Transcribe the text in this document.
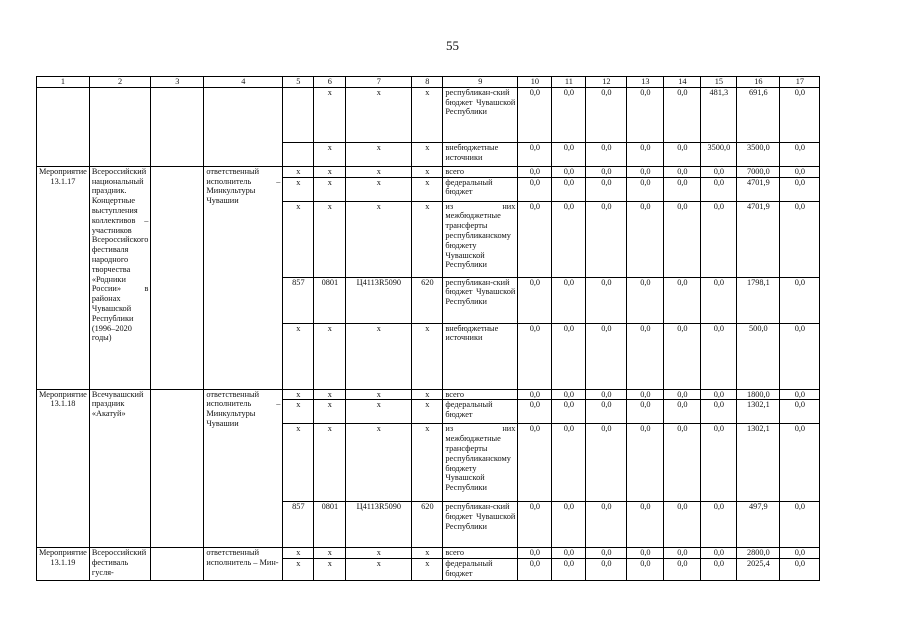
55
1	2	3	4	5	6	7	8	9	10	11	12	13	14	15	16	17
					x	x	x	республикан-ский бюджет Чувашской Республики	0,0	0,0	0,0	0,0	0,0	481,3	691,6	0,0
					x	x	x	внебюджетные источники	0,0	0,0	0,0	0,0	0,0	3500,0	3500,0	0,0
Мероприятие 13.1.17	Всероссийский национальный праздник. Концертные выступления коллективов – участников Всероссийского фестиваля народного творчества «Родники России» в районах Чувашской Республики (1996–2020 годы)		ответственный исполнитель – Минкультуры Чувашии	x	x	x	x	всего	0,0	0,0	0,0	0,0	0,0	0,0	7000,0	0,0
				x	x	x	x	федеральный бюджет	0,0	0,0	0,0	0,0	0,0	0,0	4701,9	0,0
				x	x	x	x	из них межбюджетные трансферты республиканскому бюджету Чувашской Республики	0,0	0,0	0,0	0,0	0,0	0,0	4701,9	0,0
				857	0801	Ц4113R5090	620	республикан-ский бюджет Чувашской Республики	0,0	0,0	0,0	0,0	0,0	0,0	1798,1	0,0
				x	x	x	x	внебюджетные источники	0,0	0,0	0,0	0,0	0,0	0,0	500,0	0,0
Мероприятие 13.1.18	Всечувашский праздник «Акатуй»		ответственный исполнитель – Минкультуры Чувашии	x	x	x	x	всего	0,0	0,0	0,0	0,0	0,0	0,0	1800,0	0,0
				x	x	x	x	федеральный бюджет	0,0	0,0	0,0	0,0	0,0	0,0	1302,1	0,0
				x	x	x	x	из них межбюджетные трансферты республиканскому бюджету Чувашской Республики	0,0	0,0	0,0	0,0	0,0	0,0	1302,1	0,0
				857	0801	Ц4113R5090	620	республикан-ский бюджет Чувашской Республики	0,0	0,0	0,0	0,0	0,0	0,0	497,9	0,0
Мероприятие 13.1.19	Всероссийский фестиваль гусля-		ответственный исполнитель – Мин-	x	x	x	x	всего	0,0	0,0	0,0	0,0	0,0	0,0	2800,0	0,0
				x	x	x	x	федеральный бюджет	0,0	0,0	0,0	0,0	0,0	0,0	2025,4	0,0
